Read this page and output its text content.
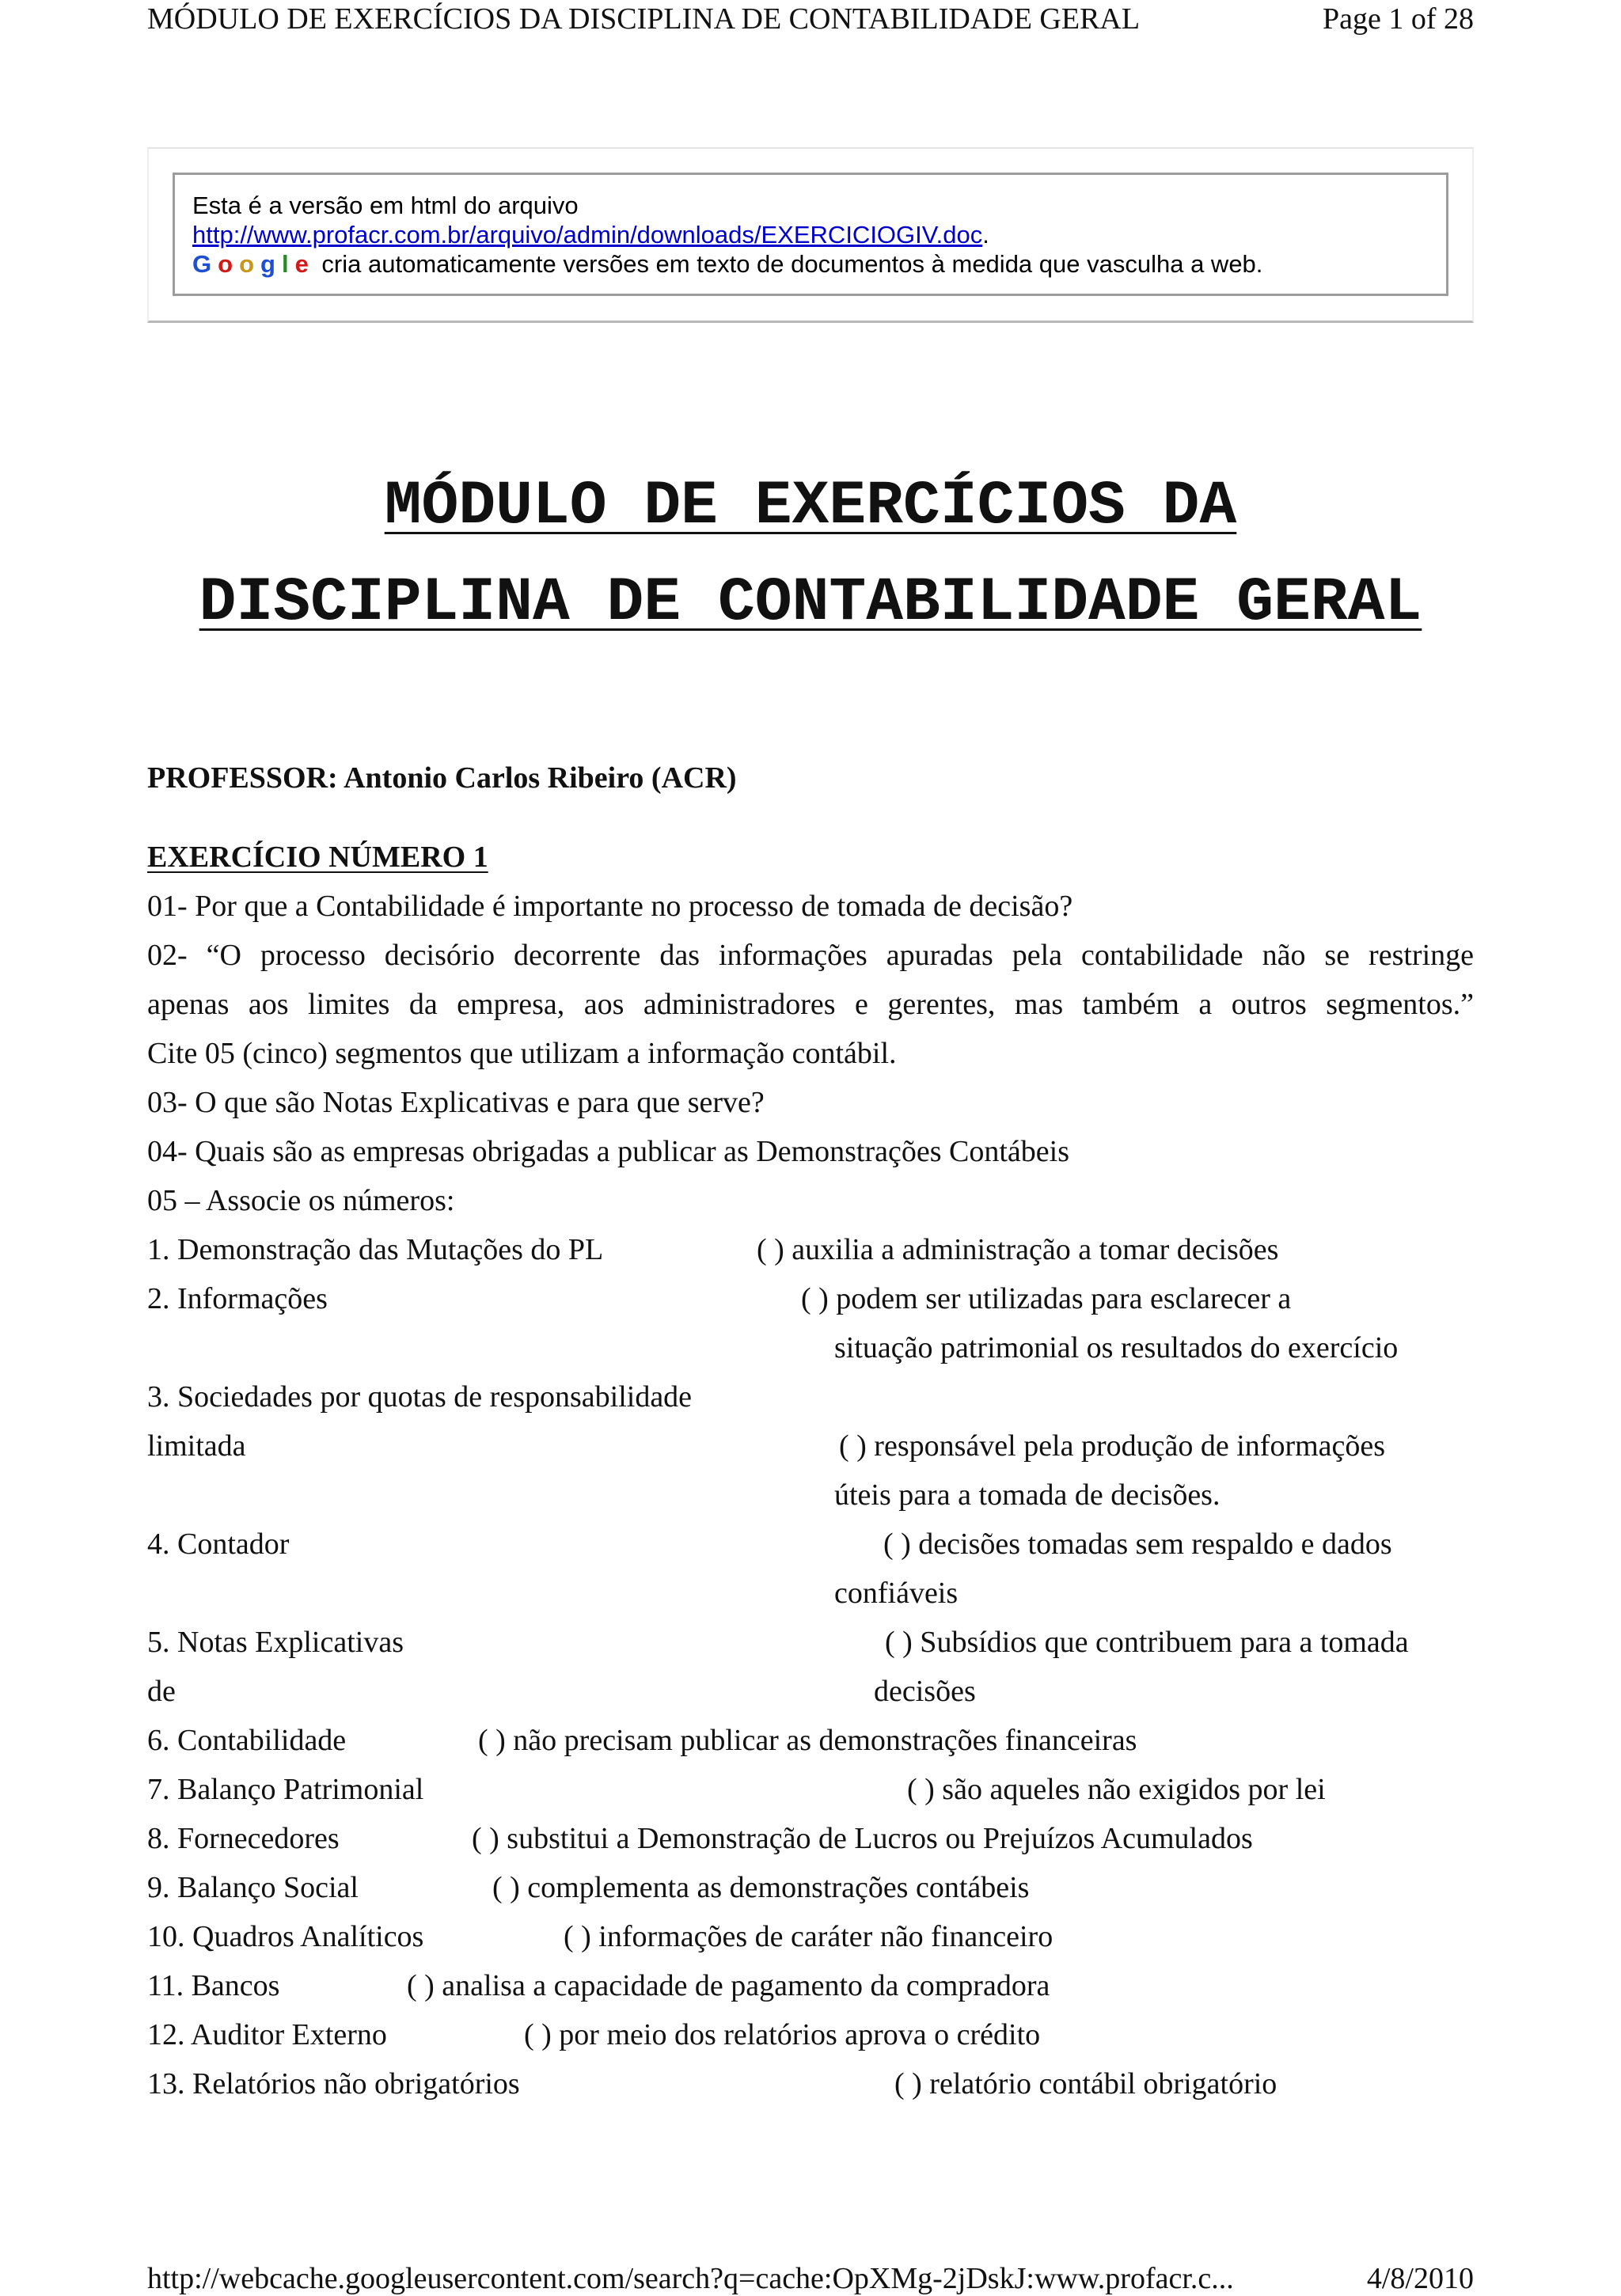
MÓDULO DE EXERCÍCIOS DA DISCIPLINA DE CONTABILIDADE GERAL	Page 1 of 28
Esta é a versão em html do arquivo
http://www.profacr.com.br/arquivo/admin/downloads/EXERCICIOGIV.doc.
Google cria automaticamente versões em texto de documentos à medida que vasculha a web.
MÓDULO DE EXERCÍCIOS DA
DISCIPLINA DE CONTABILIDADE GERAL
PROFESSOR: Antonio Carlos Ribeiro (ACR)
EXERCÍCIO NÚMERO 1
01- Por que a Contabilidade é importante no processo de tomada de decisão?
02- “O processo decisório decorrente das informações apuradas pela contabilidade não se restringe
apenas aos limites da empresa, aos administradores e gerentes, mas também a outros segmentos.”
Cite 05 (cinco) segmentos que utilizam a informação contábil.
03- O que são Notas Explicativas e para que serve?
04- Quais são as empresas obrigadas a publicar as Demonstrações Contábeis
05 – Associe os números:
1. Demonstração das Mutações do PL
2. Informações
3. Sociedades por quotas de responsabilidade
limitada
4. Contador
5. Notas Explicativas
de
6. Contabilidade
7. Balanço Patrimonial
8. Fornecedores
9. Balanço Social
10. Quadros Analíticos
11. Bancos
12. Auditor Externo
13. Relatórios não obrigatórios
( ) auxilia a administração a tomar decisões
( ) podem ser utilizadas para esclarecer a
situação patrimonial os resultados do exercício
( ) responsável pela produção de informações
úteis para a tomada de decisões.
( ) decisões tomadas sem respaldo e dados
confiáveis
( ) Subsídios que contribuem para a tomada
decisões
( ) não precisam publicar as demonstrações financeiras
( ) são aqueles não exigidos por lei
( ) substitui a Demonstração de Lucros ou Prejuízos Acumulados
( ) complementa as demonstrações contábeis
( ) informações de caráter não financeiro
( ) analisa a capacidade de pagamento da compradora
( ) por meio dos relatórios aprova o crédito
( ) relatório contábil obrigatório
http://webcache.googleusercontent.com/search?q=cache:OpXMg-2jDskJ:www.profacr.c...	4/8/2010
